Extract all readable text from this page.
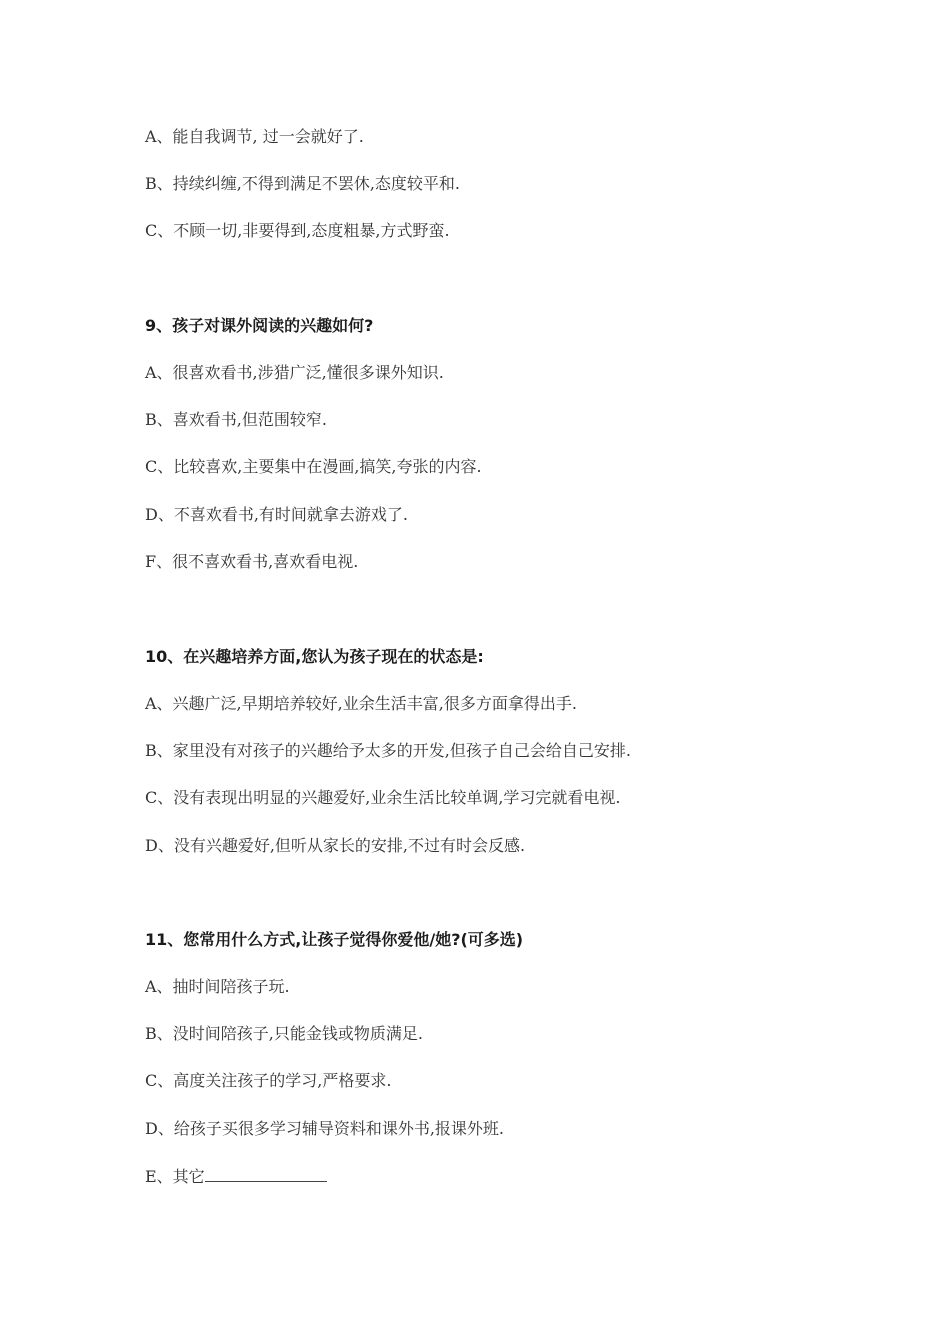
A、能自我调节, 过一会就好了.
B、持续纠缠,不得到满足不罢休,态度较平和.
C、不顾一切,非要得到,态度粗暴,方式野蛮.
9、孩子对课外阅读的兴趣如何?
A、很喜欢看书,涉猎广泛,懂很多课外知识.
B、喜欢看书,但范围较窄.
C、比较喜欢,主要集中在漫画,搞笑,夸张的内容.
D、不喜欢看书,有时间就拿去游戏了.
F、很不喜欢看书,喜欢看电视.
10、在兴趣培养方面,您认为孩子现在的状态是:
A、兴趣广泛,早期培养较好,业余生活丰富,很多方面拿得出手.
B、家里没有对孩子的兴趣给予太多的开发,但孩子自己会给自己安排.
C、没有表现出明显的兴趣爱好,业余生活比较单调,学习完就看电视.
D、没有兴趣爱好,但听从家长的安排,不过有时会反感.
11、您常用什么方式,让孩子觉得你爱他/她?(可多选)
A、抽时间陪孩子玩.
B、没时间陪孩子,只能金钱或物质满足.
C、高度关注孩子的学习,严格要求.
D、给孩子买很多学习辅导资料和课外书,报课外班.
E、其它
